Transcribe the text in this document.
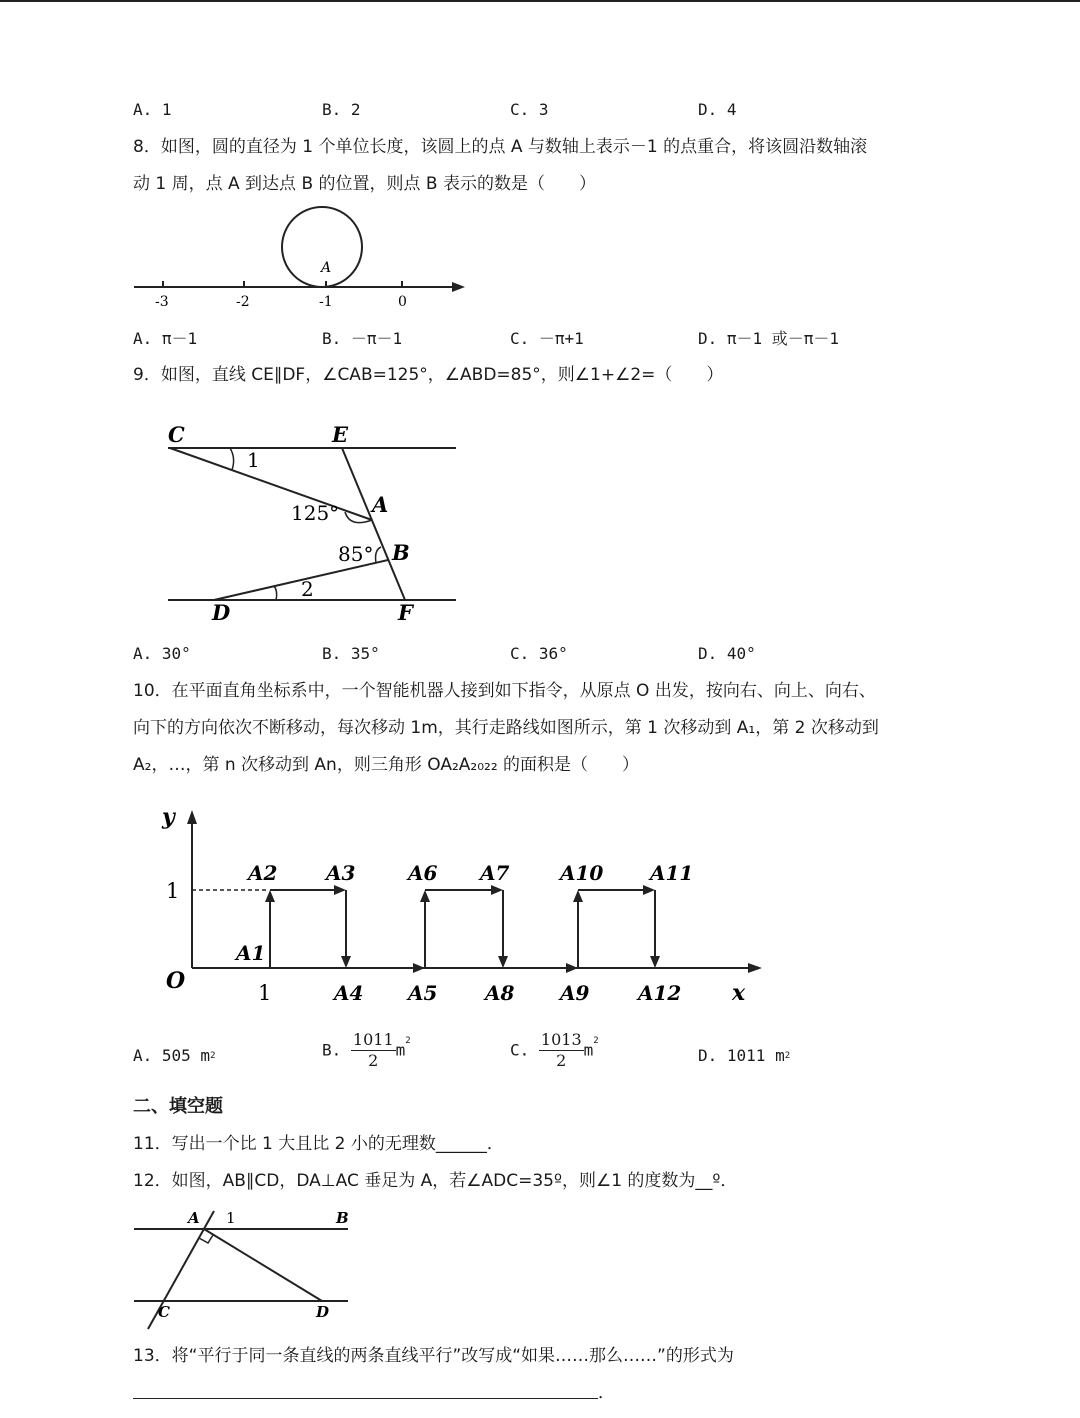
A. 1	B. 2	C. 3	D. 4
8．如图，圆的直径为 1 个单位长度，该圆上的点 A 与数轴上表示－1 的点重合，将该圆沿数轴滚
动 1 周，点 A 到达点 B 的位置，则点 B 表示的数是（　　）
A
-3	-2	-1	0
A. π－1	B. －π－1	C. －π+1	D. π－1 或－π－1
9．如图，直线 CE∥DF，∠CAB=125°，∠ABD=85°，则∠1+∠2=（　　）
C	E
A
B
D	F
1
2
125°
85°
A. 30°	B. 35°	C. 36°	D. 40°
10．在平面直角坐标系中，一个智能机器人接到如下指令，从原点 O 出发，按向右、向上、向右、
向下的方向依次不断移动，每次移动 1m，其行走路线如图所示，第 1 次移动到 A₁，第 2 次移动到
A₂，…，第 n 次移动到 An，则三角形 OA₂A₂₀₂₂ 的面积是（　　）
y
x
O
1
1
A1
A2 A3
A4 A5
A6 A7
A8 A9
A10 A11
A12
A. 505 $m^2$	B. $\frac{1011}{2} m^2$	C. $\frac{1013}{2} m^2$
D. 1011 $m^2$
二、填空题
11．写出一个比 1 大且比 2 小的无理数______．
12．如图，AB∥CD，DA⊥AC 垂足为 A，若∠ADC=35º，则∠1 的度数为__º．
A 1	B
C	D
13．将“平行于同一条直线的两条直线平行”改写成“如果……那么……”的形式为
．
